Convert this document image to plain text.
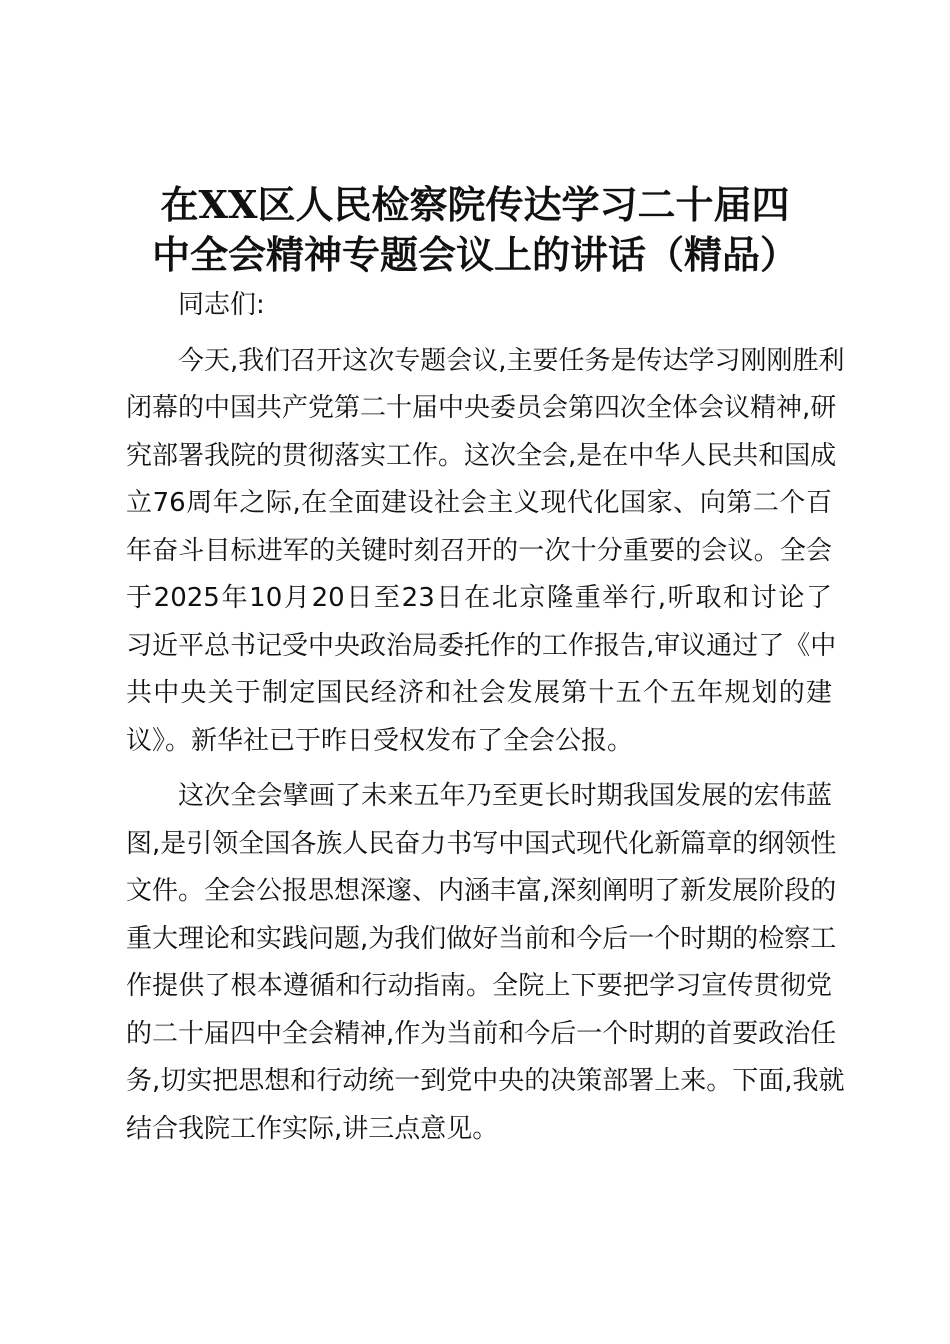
在XX区人民检察院传达学习二十届四
中全会精神专题会议上的讲话（精品）
同志们:
今天,我们召开这次专题会议,主要任务是传达学习刚刚胜利
闭幕的中国共产党第二十届中央委员会第四次全体会议精神,研
究部署我院的贯彻落实工作。这次全会,是在中华人民共和国成
立76周年之际,在全面建设社会主义现代化国家、向第二个百
年奋斗目标进军的关键时刻召开的一次十分重要的会议。全会
于2025年10月20日至23日在北京隆重举行,听取和讨论了
习近平总书记受中央政治局委托作的工作报告,审议通过了《中
共中央关于制定国民经济和社会发展第十五个五年规划的建
议》。新华社已于昨日受权发布了全会公报。
这次全会擘画了未来五年乃至更长时期我国发展的宏伟蓝
图,是引领全国各族人民奋力书写中国式现代化新篇章的纲领性
文件。全会公报思想深邃、内涵丰富,深刻阐明了新发展阶段的
重大理论和实践问题,为我们做好当前和今后一个时期的检察工
作提供了根本遵循和行动指南。全院上下要把学习宣传贯彻党
的二十届四中全会精神,作为当前和今后一个时期的首要政治任
务,切实把思想和行动统一到党中央的决策部署上来。下面,我就
结合我院工作实际,讲三点意见。
